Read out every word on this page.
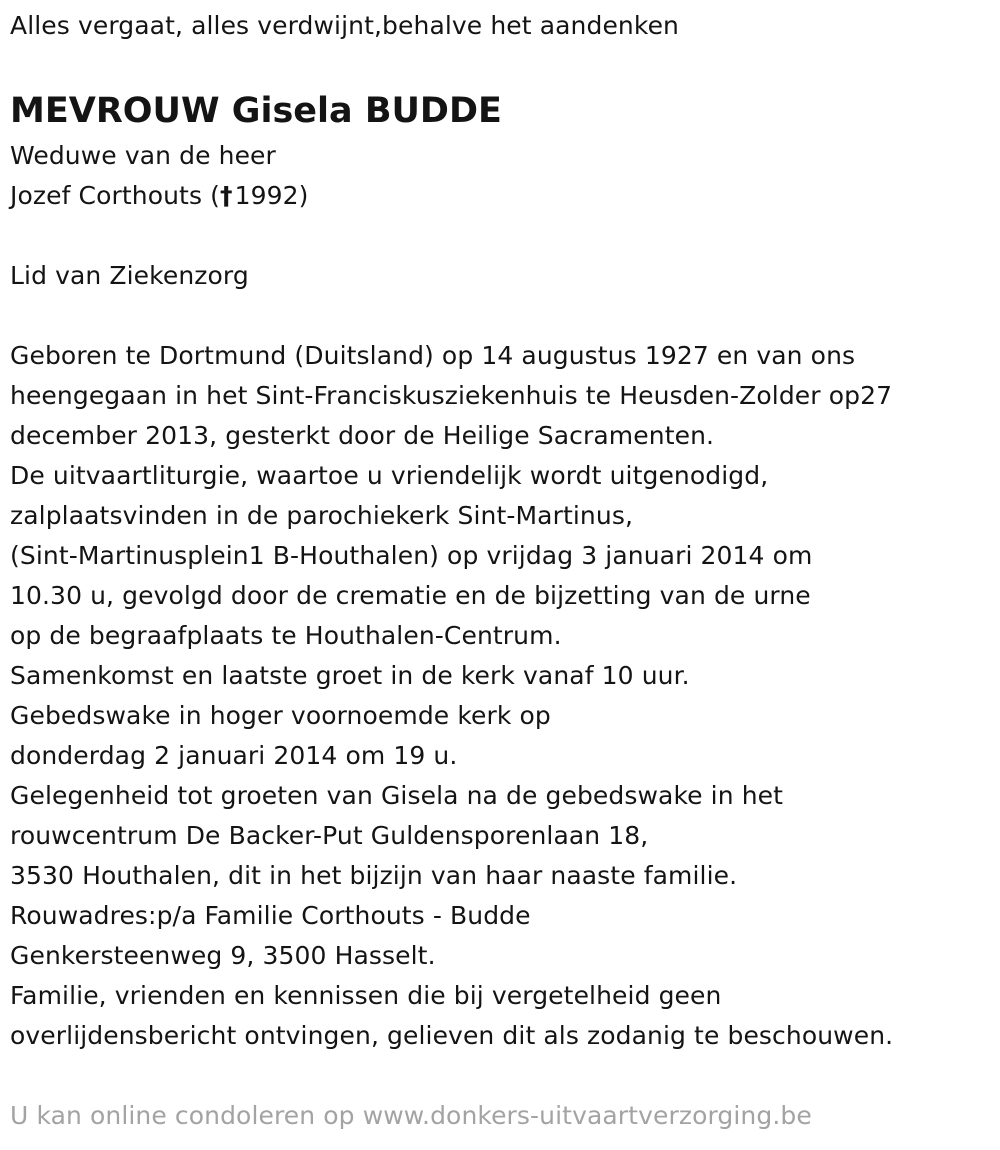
Alles vergaat, alles verdwijnt,behalve het aandenken
MEVROUW Gisela BUDDE
Weduwe van de heer
Jozef Corthouts (†1992)
Lid van Ziekenzorg
Geboren te Dortmund (Duitsland) op 14 augustus 1927 en van ons
heengegaan in het Sint-Franciskusziekenhuis te Heusden-Zolder op27
december 2013, gesterkt door de Heilige Sacramenten.
De uitvaartliturgie, waartoe u vriendelijk wordt uitgenodigd,
zalplaatsvinden in de parochiekerk Sint-Martinus,
(Sint-Martinusplein1 B-Houthalen) op vrijdag 3 januari 2014 om
10.30 u, gevolgd door de crematie en de bijzetting van de urne
op de begraafplaats te Houthalen-Centrum.
Samenkomst en laatste groet in de kerk vanaf 10 uur.
Gebedswake in hoger voornoemde kerk op
donderdag 2 januari 2014 om 19 u.
Gelegenheid tot groeten van Gisela na de gebedswake in het
rouwcentrum De Backer-Put Guldensporenlaan 18,
3530 Houthalen, dit in het bijzijn van haar naaste familie.
Rouwadres:p/a Familie Corthouts - Budde
Genkersteenweg 9, 3500 Hasselt.
Familie, vrienden en kennissen die bij vergetelheid geen
overlijdensbericht ontvingen, gelieven dit als zodanig te beschouwen.
U kan online condoleren op www.donkers-uitvaartverzorging.be
